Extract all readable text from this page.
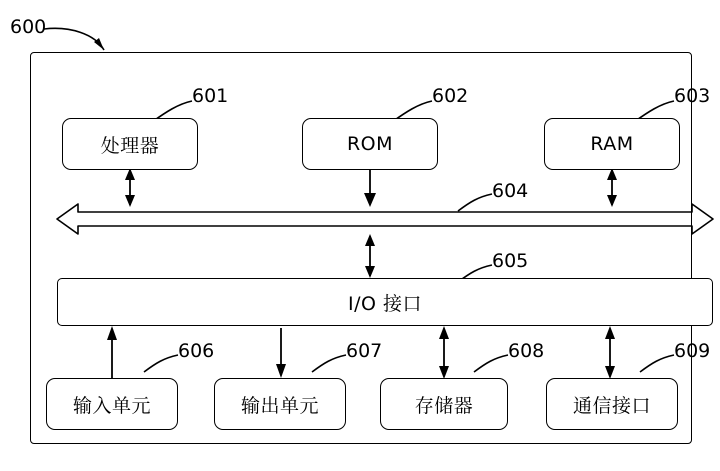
600
处理器
601
ROM
602
RAM
603
604
I/O 接口
605
输入单元
606
输出单元
607
存储器
608
通信接口
609
